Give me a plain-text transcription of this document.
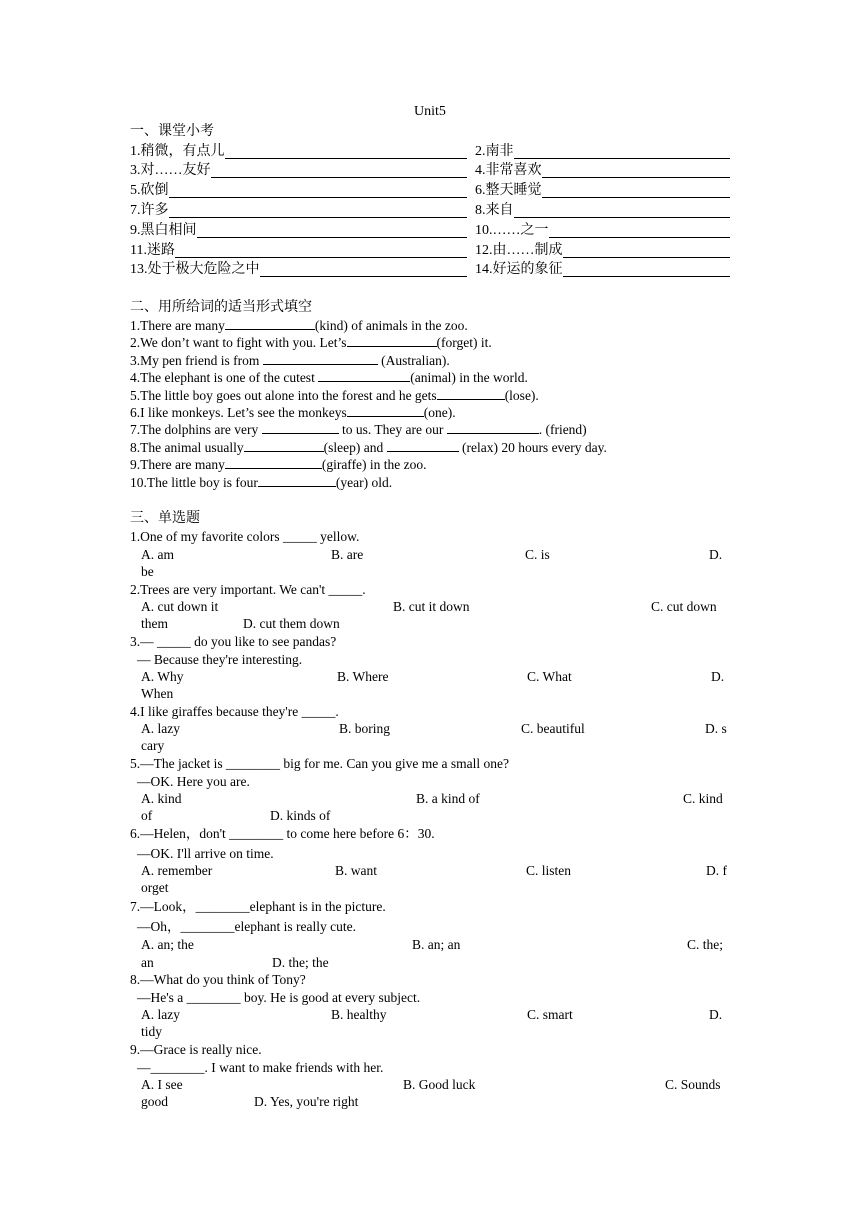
Unit5
一、课堂小考
1.稍微，有点儿	2.南非
3.对……友好	4.非常喜欢
5.砍倒	6.整天睡觉
7.许多	8.来自
9.黑白相间	10.……之一
11.迷路	12.由……制成
13.处于极大危险之中	14.好运的象征
二、用所给词的适当形式填空
1.There are many	(kind) of animals in the zoo.
2.We don’t want to fight with you. Let’s	(forget) it.
3.My pen friend is from	(Australian).
4.The elephant is one of the cutest	(animal) in the world.
5.The little boy goes out alone into the forest and he gets	(lose).
6.I like monkeys. Let’s see the monkeys	(one).
7.The dolphins are very	to us. They are our	. (friend)
8.The animal usually	(sleep) and	(relax) 20 hours every day.
9.There are many	(giraffe) in the zoo.
10.The little boy is four	(year) old.
三、单选题
1.One of my favorite colors _____ yellow.
A. am	B. are	C. is	D.
be
2.Trees are very important. We can't _____.
A. cut down it	B. cut it down	C. cut down
them	D. cut them down
3.— _____ do you like to see pandas?
— Because they're interesting.
A. Why	B. Where	C. What	D.
When
4.I like giraffes because they're _____.
A. lazy	B. boring	C. beautiful	D. s
cary
5.—The jacket is ________ big for me. Can you give me a small one?
—OK. Here you are.
A. kind	B. a kind of	C. kind
of	D. kinds of
6.—Helen，don't ________ to come here before 6：30.
—OK. I'll arrive on time.
A. remember	B. want	C. listen	D. f
orget
7.—Look，________elephant is in the picture.
—Oh，________elephant is really cute.
A. an; the	B. an; an	C. the;
an	D. the; the
8.—What do you think of Tony?
—He's a ________ boy. He is good at every subject.
A. lazy	B. healthy	C. smart	D.
tidy
9.—Grace is really nice.
—________. I want to make friends with her.
A. I see	B. Good luck	C. Sounds
good	D. Yes, you're right
